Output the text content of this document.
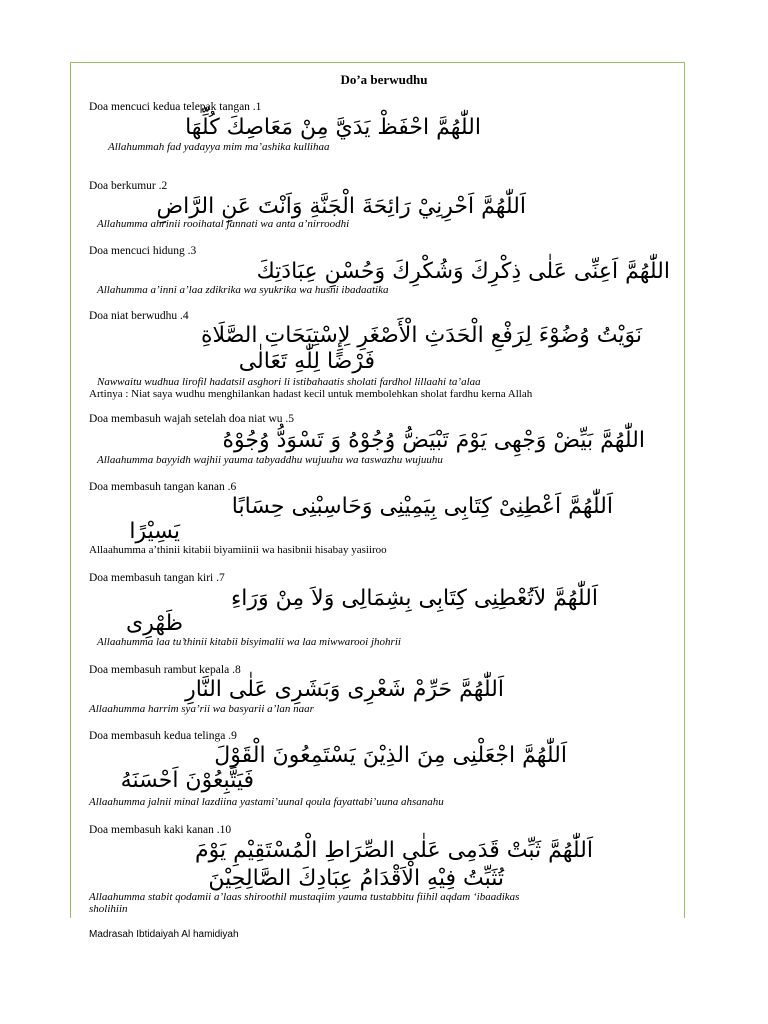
Do’a berwudhu
Doa mencuci kedua telepak tangan .1
اللّٰهُمَّ احْفَظْ يَدَيَّ مِنْ مَعَاصِكَ كُلِّهَا
Allahummah fad yadayya mim ma’ashika kullihaa
Doa berkumur .2
اَللّٰهُمَّ اَحْرِنِيْ رَائِحَةَ الْجَنَّةِ وَاَنْتَ عَنِ الرَّاضِ
Allahumma ahrinii rooihatal jannati wa anta a’nirroodhi
Doa mencuci hidung .3
اللّٰهُمَّ اَعِنِّى عَلٰى ذِكْرِكَ وَشُكْرِكَ وَحُسْنِ عِبَادَتِكَ
Allahumma a’inni a’laa zdikrika wa syukrika wa husni ibadaatika
Doa niat berwudhu .4
نَوَيْتُ وُضُوْءَ لِرَفْعِ الْحَدَثِ الْأَصْغَرِ لِإِسْتِبَحَاتِ الصَّلَاةِ
فَرْضًا لِلّٰهِ تَعَالٰى
Nawwaitu wudhua lirofil hadatsil asghori li istibahaatis sholati fardhol lillaahi ta’alaa
Artinya : Niat saya wudhu menghilankan hadast kecil untuk membolehkan sholat fardhu kerna Allah
Doa membasuh wajah setelah doa niat wu .5
اللّٰهُمَّ بَيِّضْ وَجْهِى يَوْمَ تَبْيَضُّ وُجُوْهُ وَ تَسْوَدُّ وُجُوْهُ
Allaahumma bayyidh wajhii yauma tabyaddhu wujuuhu wa taswazhu wujuuhu
Doa membasuh tangan kanan .6
اَللّٰهُمَّ اَعْطِنِىْ كِتَابِى بِيَمِيْنِى وَحَاسِبْنِى حِسَابًا
يَسِيْرًا
Allaahumma a’thinii kitabii biyamiinii wa hasibnii hisabay yasiiroo
Doa membasuh tangan kiri .7
اَللّٰهُمَّ لاَتُعْطِنِى كِتَابِى بِشِمَالِى وَلاَ مِنْ وَرَاءِ
ظَهْرِى
Allaahumma laa tu’thinii kitabii bisyimalii wa laa miwwarooi jhohrii
Doa membasuh rambut kepala .8
اَللّٰهُمَّ حَرِّمْ شَعْرِى وَبَشَرِى عَلٰى النَّارِ
Allaahumma harrim sya’rii wa basyarii a’lan naar
Doa membasuh kedua telinga .9
اَللّٰهُمَّ اجْعَلْنِى مِنَ الذِيْنَ يَسْتَمِعُونَ الْقَوْلَ
فَيَتَّبِعُوْنَ اَحْسَنَهُ
Allaahumma jalnii minal lazdiina yastami’uunal qoula fayattabi’uuna ahsanahu
Doa membasuh kaki kanan .10
اَللّٰهُمَّ ثَبِّتْ قَدَمِى عَلٰى الصِّرَاطِ الْمُسْتَقِيْمِ يَوْمَ
تُثَبِّتُ فِيْهِ الْاَقْدَامُ عِبَادِكَ الصَّالِحِيْنَ
Allaahumma stabit qodamii a’laas shiroothil mustaqiim yauma tustabbitu fiihil aqdam ‘ibaadikas
sholihiin
Madrasah Ibtidaiyah Al hamidiyah
